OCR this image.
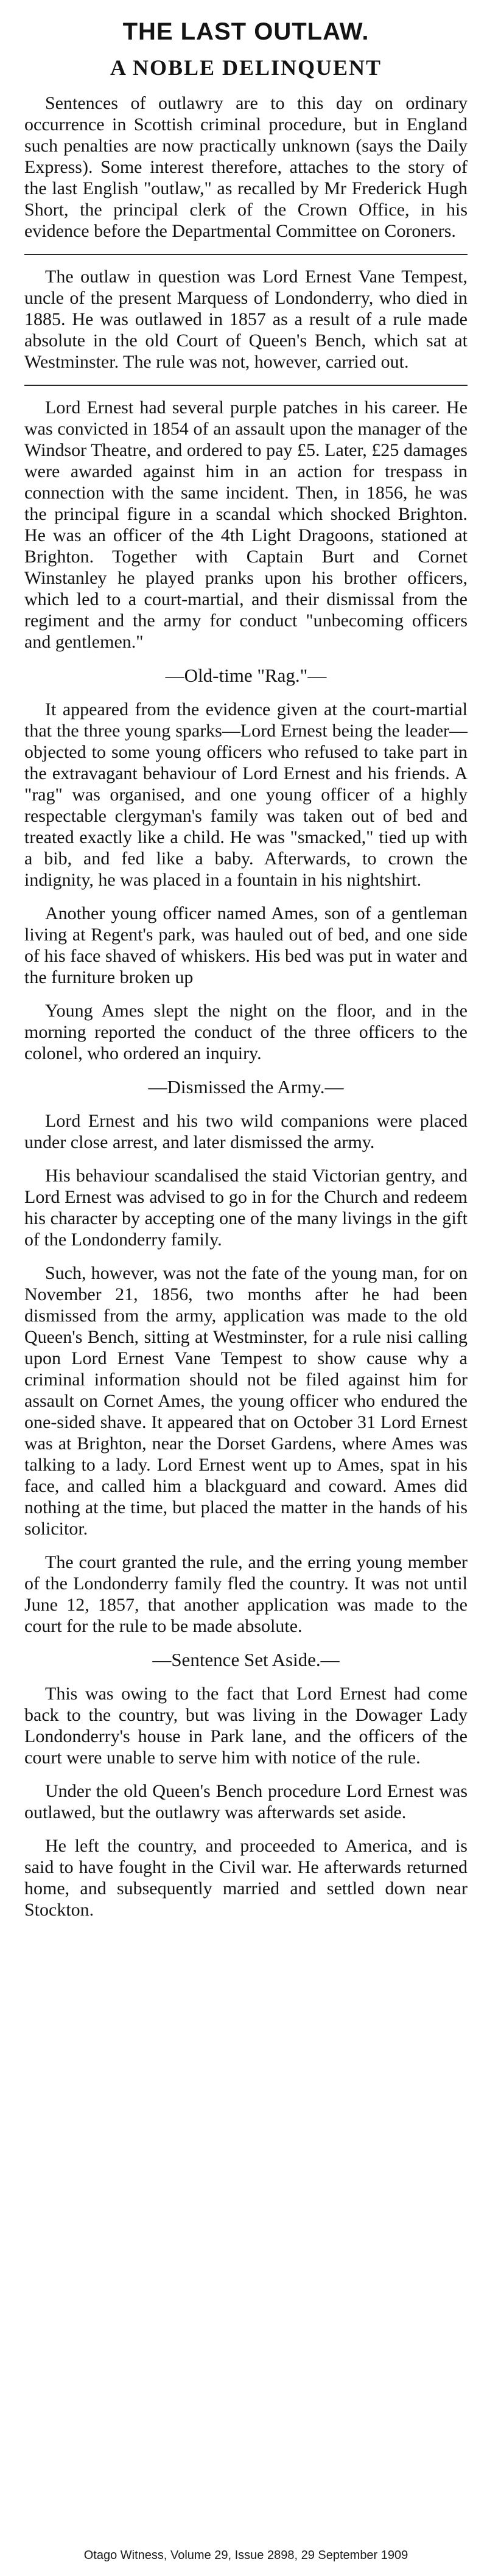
THE LAST OUTLAW.
A NOBLE DELINQUENT

Sentences of outlawry are to this day on ordinary occurrence in Scottish criminal procedure, but in England such penalties are now practically unknown (says the Daily Express). Some interest therefore, attaches to the story of the last English "outlaw," as recalled by Mr Frederick Hugh Short, the principal clerk of the Crown Office, in his evidence before the Departmental Committee on Coroners.

The outlaw in question was Lord Ernest Vane Tempest, uncle of the present Marquess of Londonderry, who died in 1885. He was outlawed in 1857 as a result of a rule made absolute in the old Court of Queen's Bench, which sat at Westminster. The rule was not, however, carried out.

Lord Ernest had several purple patches in his career. He was convicted in 1854 of an assault upon the manager of the Windsor Theatre, and ordered to pay £5. Later, £25 damages were awarded against him in an action for trespass in connection with the same incident. Then, in 1856, he was the principal figure in a scandal which shocked Brighton. He was an officer of the 4th Light Dragoons, stationed at Brighton. Together with Captain Burt and Cornet Winstanley he played pranks upon his brother officers, which led to a court-martial, and their dismissal from the regiment and the army for conduct "unbecoming officers and gentlemen."

—Old-time "Rag."—

It appeared from the evidence given at the court-martial that the three young sparks—Lord Ernest being the leader—objected to some young officers who refused to take part in the extravagant behaviour of Lord Ernest and his friends. A "rag" was organised, and one young officer of a highly respectable clergyman's family was taken out of bed and treated exactly like a child. He was "smacked," tied up with a bib, and fed like a baby. Afterwards, to crown the indignity, he was placed in a fountain in his nightshirt.

Another young officer named Ames, son of a gentleman living at Regent's park, was hauled out of bed, and one side of his face shaved of whiskers. His bed was put in water and the furniture broken up

Young Ames slept the night on the floor, and in the morning reported the conduct of the three officers to the colonel, who ordered an inquiry.

—Dismissed the Army.—

Lord Ernest and his two wild companions were placed under close arrest, and later dismissed the army.

His behaviour scandalised the staid Victorian gentry, and Lord Ernest was advised to go in for the Church and redeem his character by accepting one of the many livings in the gift of the Londonderry family.

Such, however, was not the fate of the young man, for on November 21, 1856, two months after he had been dismissed from the army, application was made to the old Queen's Bench, sitting at Westminster, for a rule nisi calling upon Lord Ernest Vane Tempest to show cause why a criminal information should not be filed against him for assault on Cornet Ames, the young officer who endured the one-sided shave. It appeared that on October 31 Lord Ernest was at Brighton, near the Dorset Gardens, where Ames was talking to a lady. Lord Ernest went up to Ames, spat in his face, and called him a blackguard and coward. Ames did nothing at the time, but placed the matter in the hands of his solicitor.

The court granted the rule, and the erring young member of the Londonderry family fled the country. It was not until June 12, 1857, that another application was made to the court for the rule to be made absolute.

—Sentence Set Aside.—

This was owing to the fact that Lord Ernest had come back to the country, but was living in the Dowager Lady Londonderry's house in Park lane, and the officers of the court were unable to serve him with notice of the rule.

Under the old Queen's Bench procedure Lord Ernest was outlawed, but the outlawry was afterwards set aside.

He left the country, and proceeded to America, and is said to have fought in the Civil war. He afterwards returned home, and subsequently married and settled down near Stockton.

Otago Witness, Volume 29, Issue 2898, 29 September 1909
